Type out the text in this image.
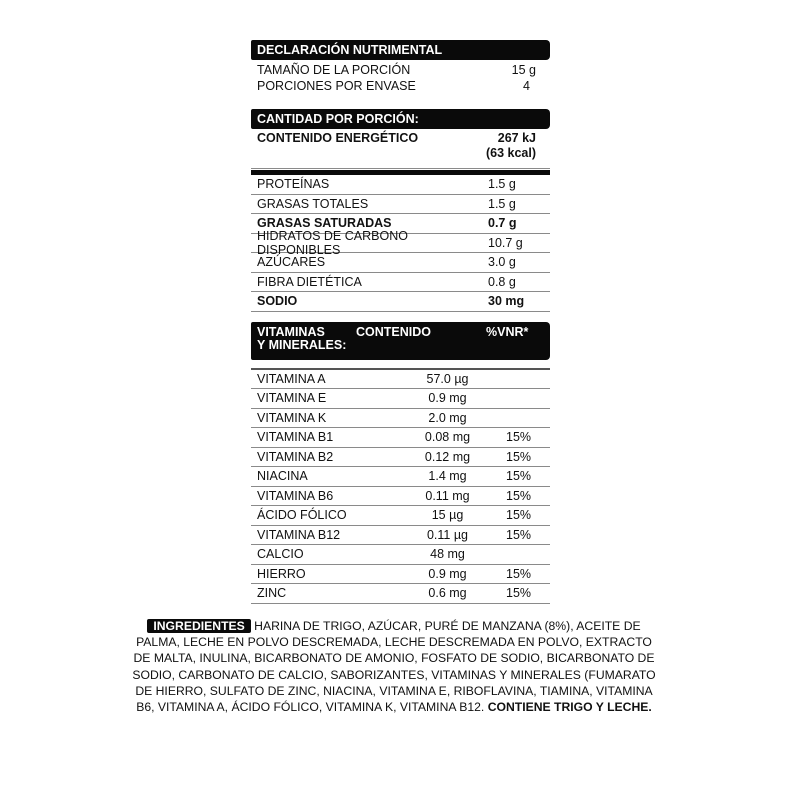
DECLARACIÓN NUTRIMENTAL
TAMAÑO DE LA PORCIÓN	15 g
PORCIONES POR ENVASE	4
CANTIDAD POR PORCIÓN:
CONTENIDO ENERGÉTICO	267 kJ
(63 kcal)
PROTEÍNAS	1.5 g
GRASAS TOTALES	1.5 g
GRASAS SATURADAS	0.7 g
HIDRATOS DE CARBONO DISPONIBLES	10.7 g
AZÚCARES	3.0 g
FIBRA DIETÉTICA	0.8 g
SODIO	30 mg
VITAMINAS
Y MINERALES:
CONTENIDO	%VNR*
VITAMINA A	57.0 µg
VITAMINA E	0.9 mg
VITAMINA K	2.0 mg
VITAMINA B1	0.08 mg	15%
VITAMINA B2	0.12 mg	15%
NIACINA	1.4 mg	15%
VITAMINA B6	0.11 mg	15%
ÁCIDO FÓLICO	15 µg	15%
VITAMINA B12	0.11 µg	15%
CALCIO	48 mg
HIERRO	0.9 mg	15%
ZINC	0.6 mg	15%
INGREDIENTES HARINA DE TRIGO, AZÚCAR, PURÉ DE MANZANA (8%), ACEITE DE PALMA, LECHE EN POLVO DESCREMADA, LECHE DESCREMADA EN POLVO, EXTRACTO DE MALTA, INULINA, BICARBONATO DE AMONIO, FOSFATO DE SODIO, BICARBONATO DE SODIO, CARBONATO DE CALCIO, SABORIZANTES, VITAMINAS Y MINERALES (FUMARATO DE HIERRO, SULFATO DE ZINC, NIACINA, VITAMINA E, RIBOFLAVINA, TIAMINA, VITAMINA B6, VITAMINA A, ÁCIDO FÓLICO, VITAMINA K, VITAMINA B12. CONTIENE TRIGO Y LECHE.
